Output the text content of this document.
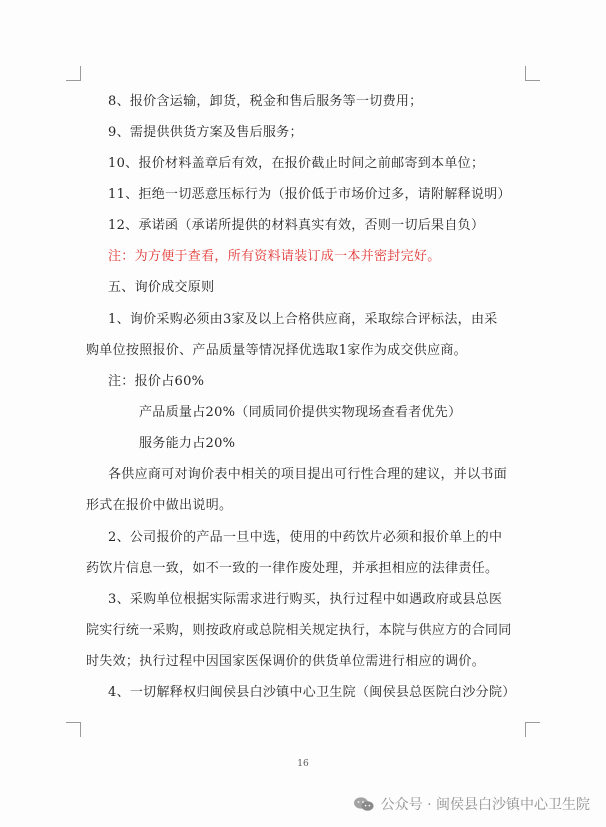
8、报价含运输，卸货，税金和售后服务等一切费用；
9、需提供供货方案及售后服务；
10、报价材料盖章后有效，在报价截止时间之前邮寄到本单位；
11、拒绝一切恶意压标行为（报价低于市场价过多，请附解释说明）
12、承诺函（承诺所提供的材料真实有效，否则一切后果自负）
注：为方便于查看，所有资料请装订成一本并密封完好。
五、询价成交原则
1、询价采购必须由3家及以上合格供应商，采取综合评标法，由采
购单位按照报价、产品质量等情况择优选取1家作为成交供应商。
注：报价占60%
产品质量占20%（同质同价提供实物现场查看者优先）
服务能力占20%
各供应商可对询价表中相关的项目提出可行性合理的建议，并以书面
形式在报价中做出说明。
2、公司报价的产品一旦中选，使用的中药饮片必须和报价单上的中
药饮片信息一致，如不一致的一律作废处理，并承担相应的法律责任。
3、采购单位根据实际需求进行购买，执行过程中如遇政府或县总医
院实行统一采购，则按政府或总院相关规定执行，本院与供应方的合同同
时失效；执行过程中因国家医保调价的供货单位需进行相应的调价。
4、一切解释权归闽侯县白沙镇中心卫生院（闽侯县总医院白沙分院）
16
公众号 · 闽侯县白沙镇中心卫生院
